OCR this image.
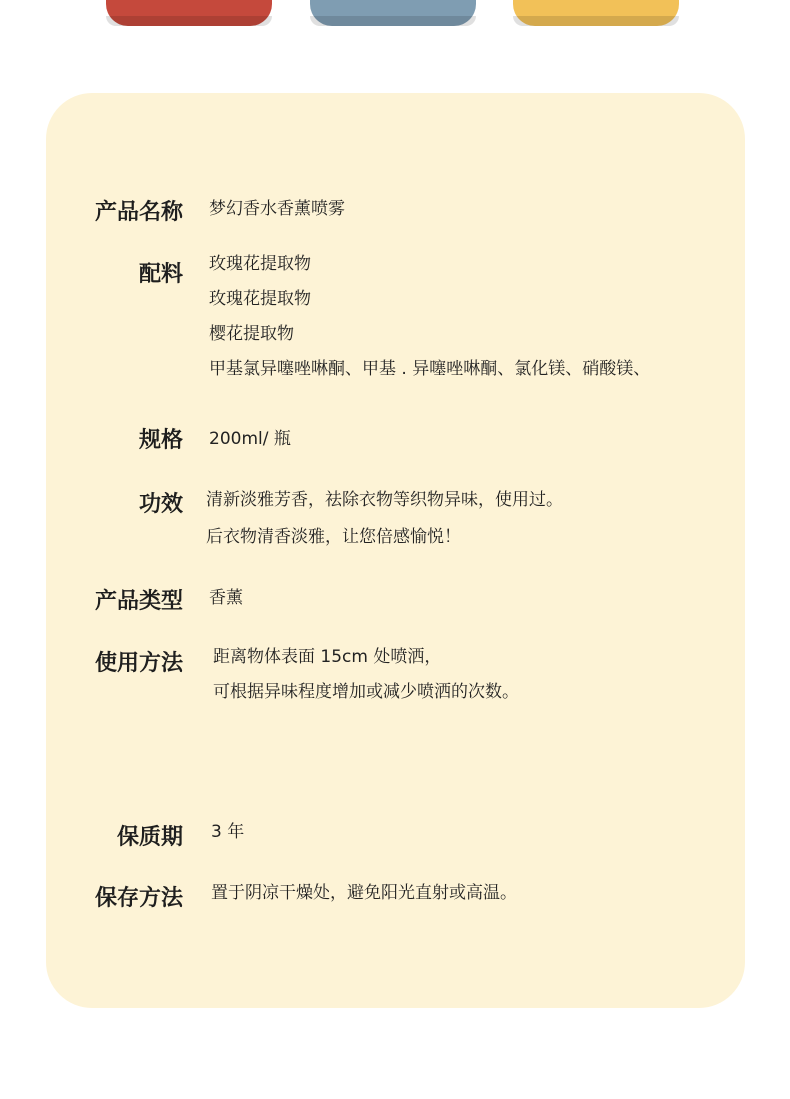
产品名称 梦幻香水香薰喷雾
配料 玫瑰花提取物
玫瑰花提取物
樱花提取物
甲基氯异噻唑啉酮、甲基 . 异噻唑啉酮、氯化镁、硝酸镁、
规格 200ml/ 瓶
功效 清新淡雅芳香，祛除衣物等织物异味，使用过。
后衣物清香淡雅，让您倍感愉悦！
产品类型 香薰
使用方法 距离物体表面 15cm 处喷洒，
可根据异味程度增加或减少喷洒的次数。
保质期 3 年
保存方法 置于阴凉干燥处，避免阳光直射或高温。
